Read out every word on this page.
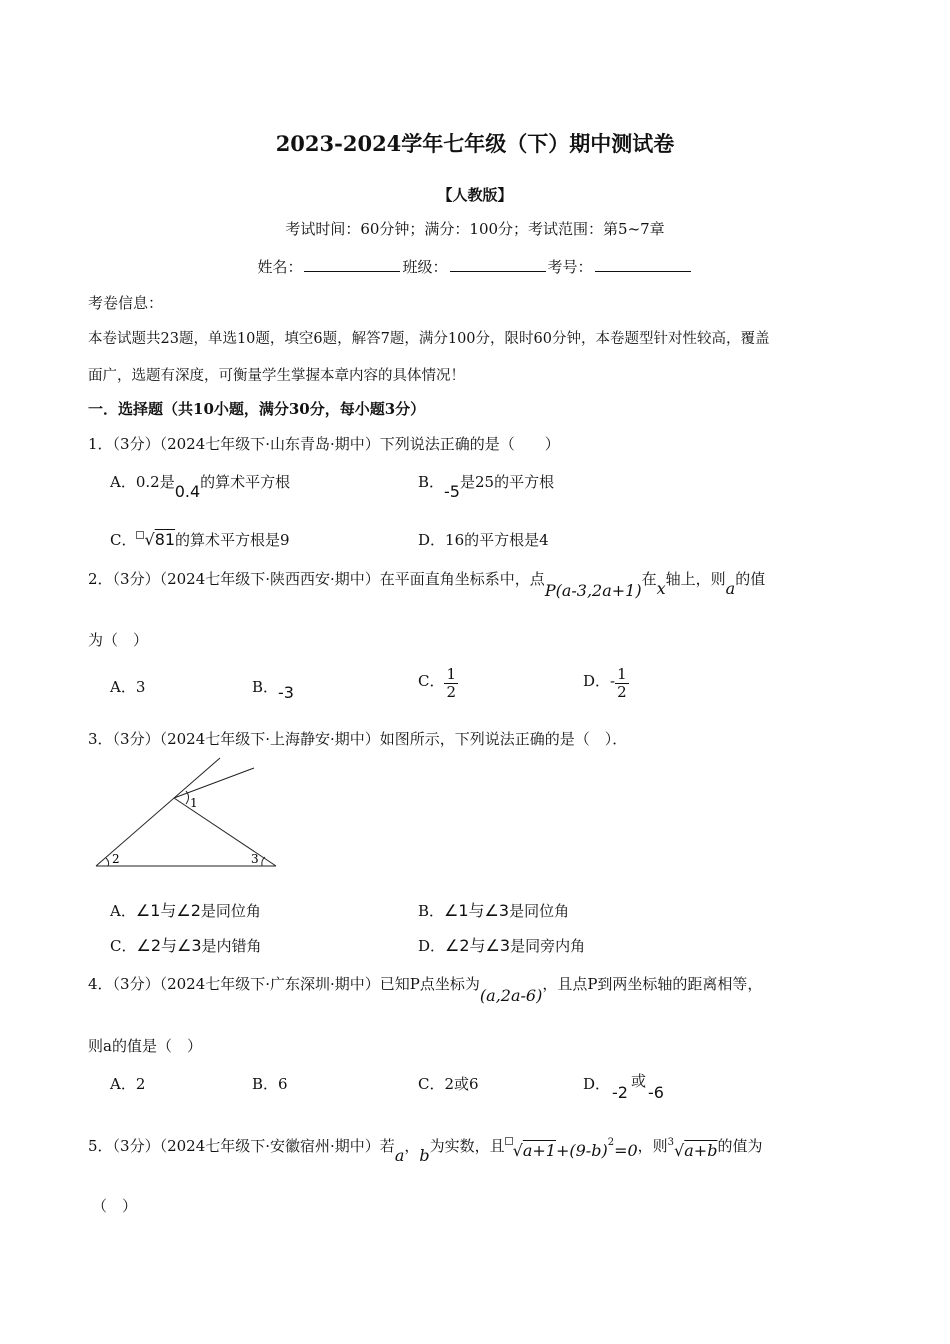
2023-2024学年七年级（下）期中测试卷
【人教版】
考试时间：60分钟；满分：100分；考试范围：第5~7章
姓名：	班级：	考号：
考卷信息：
本卷试题共23题，单选10题，填空6题，解答7题，满分100分，限时60分钟，本卷题型针对性较高，覆盖
面广，选题有深度，可衡量学生掌握本章内容的具体情况！
一．选择题（共10小题，满分30分，每小题3分）
1．（3分）（2024七年级下·山东青岛·期中）下列说法正确的是（　　）
A．0.2是0.4的算术平方根	B．-5是25的平方根
C． √81的算术平方根是9	D．16的平方根是4
2．（3分）（2024七年级下·陕西西安·期中）在平面直角坐标系中，点P(a-3,2a+1)在x轴上，则a的值
为（　）
A．3	B．-3
C． $\frac{1}{2}$	D．- $\frac{1}{2}$
3．（3分）（2024七年级下·上海静安·期中）如图所示，下列说法正确的是（　）．
1
2	3
A．∠1与∠2是同位角	B．∠1与∠3是同位角
C．∠2与∠3是内错角	D．∠2与∠3是同旁内角
4．（3分）（2024七年级下·广东深圳·期中）已知P点坐标为(a,2a-6)，且点P到两坐标轴的距离相等，
则a的值是（　）
A．2	B．6	C．2或6	D． -2
或
-6
5．（3分）（2024七年级下·安徽宿州·期中）若a，b为实数，且 $√a+1+(9-b)^2=0$，则$^3$√a+b的值为
（　）
